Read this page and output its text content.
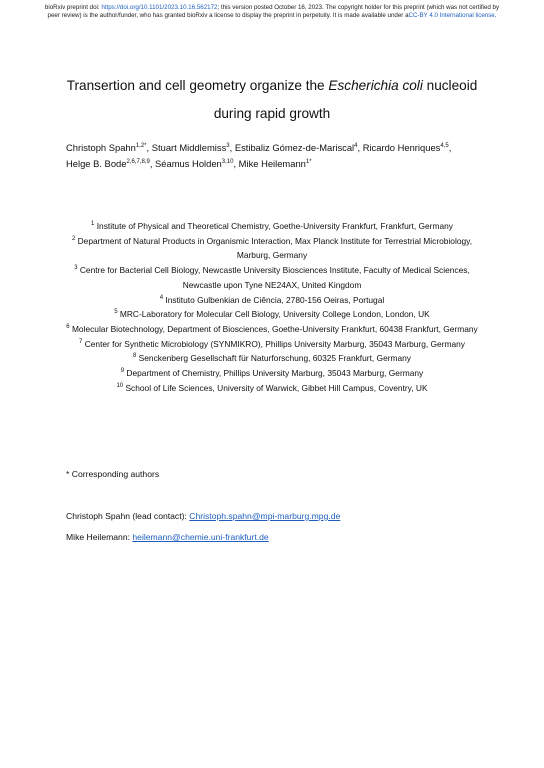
bioRxiv preprint doi: https://doi.org/10.1101/2023.10.16.562172; this version posted October 16, 2023. The copyright holder for this preprint (which was not certified by peer review) is the author/funder, who has granted bioRxiv a license to display the preprint in perpetuity. It is made available under aCC-BY 4.0 International license.
Transertion and cell geometry organize the Escherichia coli nucleoid
during rapid growth
Christoph Spahn$^{1,2*}$, Stuart Middlemiss$^3$, Estibaliz Gómez-de-Mariscal$^4$, Ricardo Henriques$^{4,5}$,
Helge B. Bode$^{2,6,7,8,9}$, Séamus Holden$^{3,10}$, Mike Heilemann$^{1*}$

$^1$ Institute of Physical and Theoretical Chemistry, Goethe-University Frankfurt, Frankfurt, Germany

$^2$ Department of Natural Products in Organismic Interaction, Max Planck Institute for Terrestrial Microbiology, Marburg, Germany

$^3$ Centre for Bacterial Cell Biology, Newcastle University Biosciences Institute, Faculty of Medical Sciences, Newcastle upon Tyne NE24AX, United Kingdom

$^4$ Instituto Gulbenkian de Ciência, 2780-156 Oeiras, Portugal

$^5$ MRC-Laboratory for Molecular Cell Biology, University College London, London, UK

$^6$ Molecular Biotechnology, Department of Biosciences, Goethe-University Frankfurt, 60438 Frankfurt, Germany

$^7$ Center for Synthetic Microbiology (SYNMIKRO), Phillips University Marburg, 35043 Marburg, Germany

$^8$ Senckenberg Gesellschaft für Naturforschung, 60325 Frankfurt, Germany

$^9$ Department of Chemistry, Phillips University Marburg, 35043 Marburg, Germany

$^{10}$ School of Life Sciences, University of Warwick, Gibbet Hill Campus, Coventry, UK

* Corresponding authors
Christoph Spahn (lead contact): Christoph.spahn@mpi-marburg.mpg.de
Mike Heilemann: heilemann@chemie.uni-frankfurt.de
